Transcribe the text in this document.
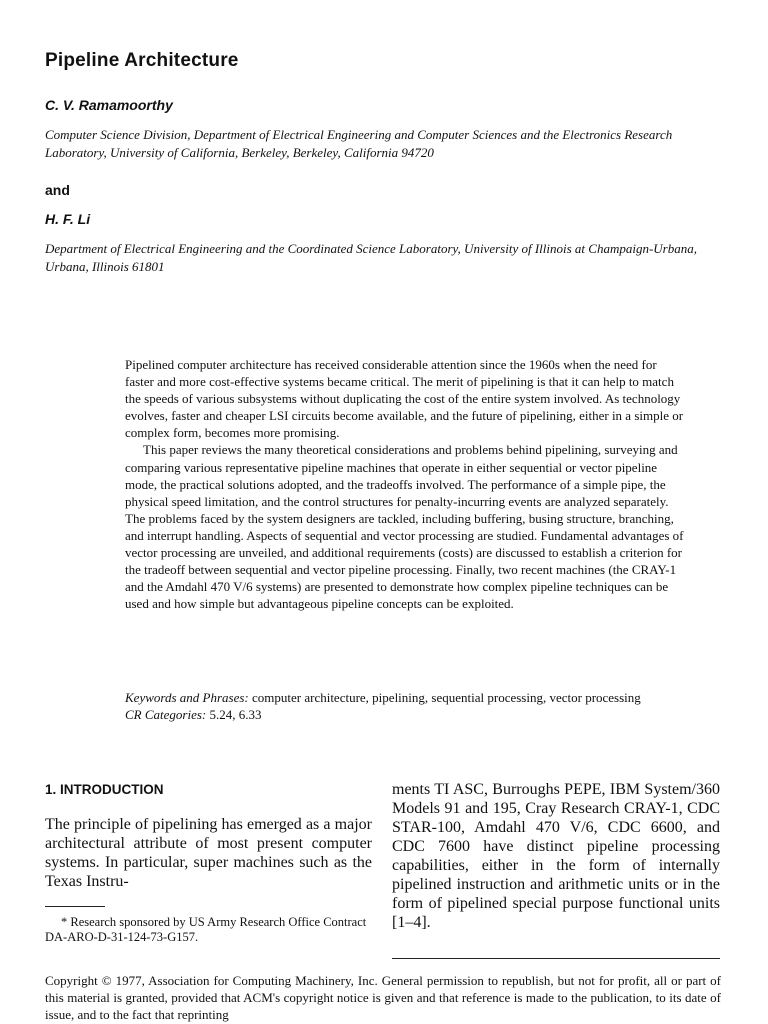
Pipeline Architecture

C. V. Ramamoorthy

Computer Science Division, Department of Electrical Engineering and Computer Sciences and the Electronics Research Laboratory, University of California, Berkeley, Berkeley, California 94720

and

H. F. Li

Department of Electrical Engineering and the Coordinated Science Laboratory, University of Illinois at Champaign-Urbana, Urbana, Illinois 61801

Pipelined computer architecture has received considerable attention since the 1960s when the need for faster and more cost-effective systems became critical. The merit of pipelining is that it can help to match the speeds of various subsystems without duplicating the cost of the entire system involved. As technology evolves, faster and cheaper LSI circuits become available, and the future of pipelining, either in a simple or complex form, becomes more promising.

This paper reviews the many theoretical considerations and problems behind pipelining, surveying and comparing various representative pipeline machines that operate in either sequential or vector pipeline mode, the practical solutions adopted, and the tradeoffs involved. The performance of a simple pipe, the physical speed limitation, and the control structures for penalty-incurring events are analyzed separately. The problems faced by the system designers are tackled, including buffering, busing structure, branching, and interrupt handling. Aspects of sequential and vector processing are studied. Fundamental advantages of vector processing are unveiled, and additional requirements (costs) are discussed to establish a criterion for the tradeoff between sequential and vector pipeline processing. Finally, two recent machines (the CRAY-1 and the Amdahl 470 V/6 systems) are presented to demonstrate how complex pipeline techniques can be used and how simple but advantageous pipeline concepts can be exploited.

Keywords and Phrases: computer architecture, pipelining, sequential processing, vector processing

CR Categories: 5.24, 6.33

1. INTRODUCTION

The principle of pipelining has emerged as a major architectural attribute of most present computer systems. In particular, super machines such as the Texas Instru-

* Research sponsored by US Army Research Office Contract DA-ARO-D-31-124-73-G157.

ments TI ASC, Burroughs PEPE, IBM System/360 Models 91 and 195, Cray Research CRAY-1, CDC STAR-100, Amdahl 470 V/6, CDC 6600, and CDC 7600 have distinct pipeline processing capabilities, either in the form of internally pipelined instruction and arithmetic units or in the form of pipelined special purpose functional units [1–4].

Copyright © 1977, Association for Computing Machinery, Inc. General permission to republish, but not for profit, all or part of this material is granted, provided that ACM's copyright notice is given and that reference is made to the publication, to its date of issue, and to the fact that reprinting
